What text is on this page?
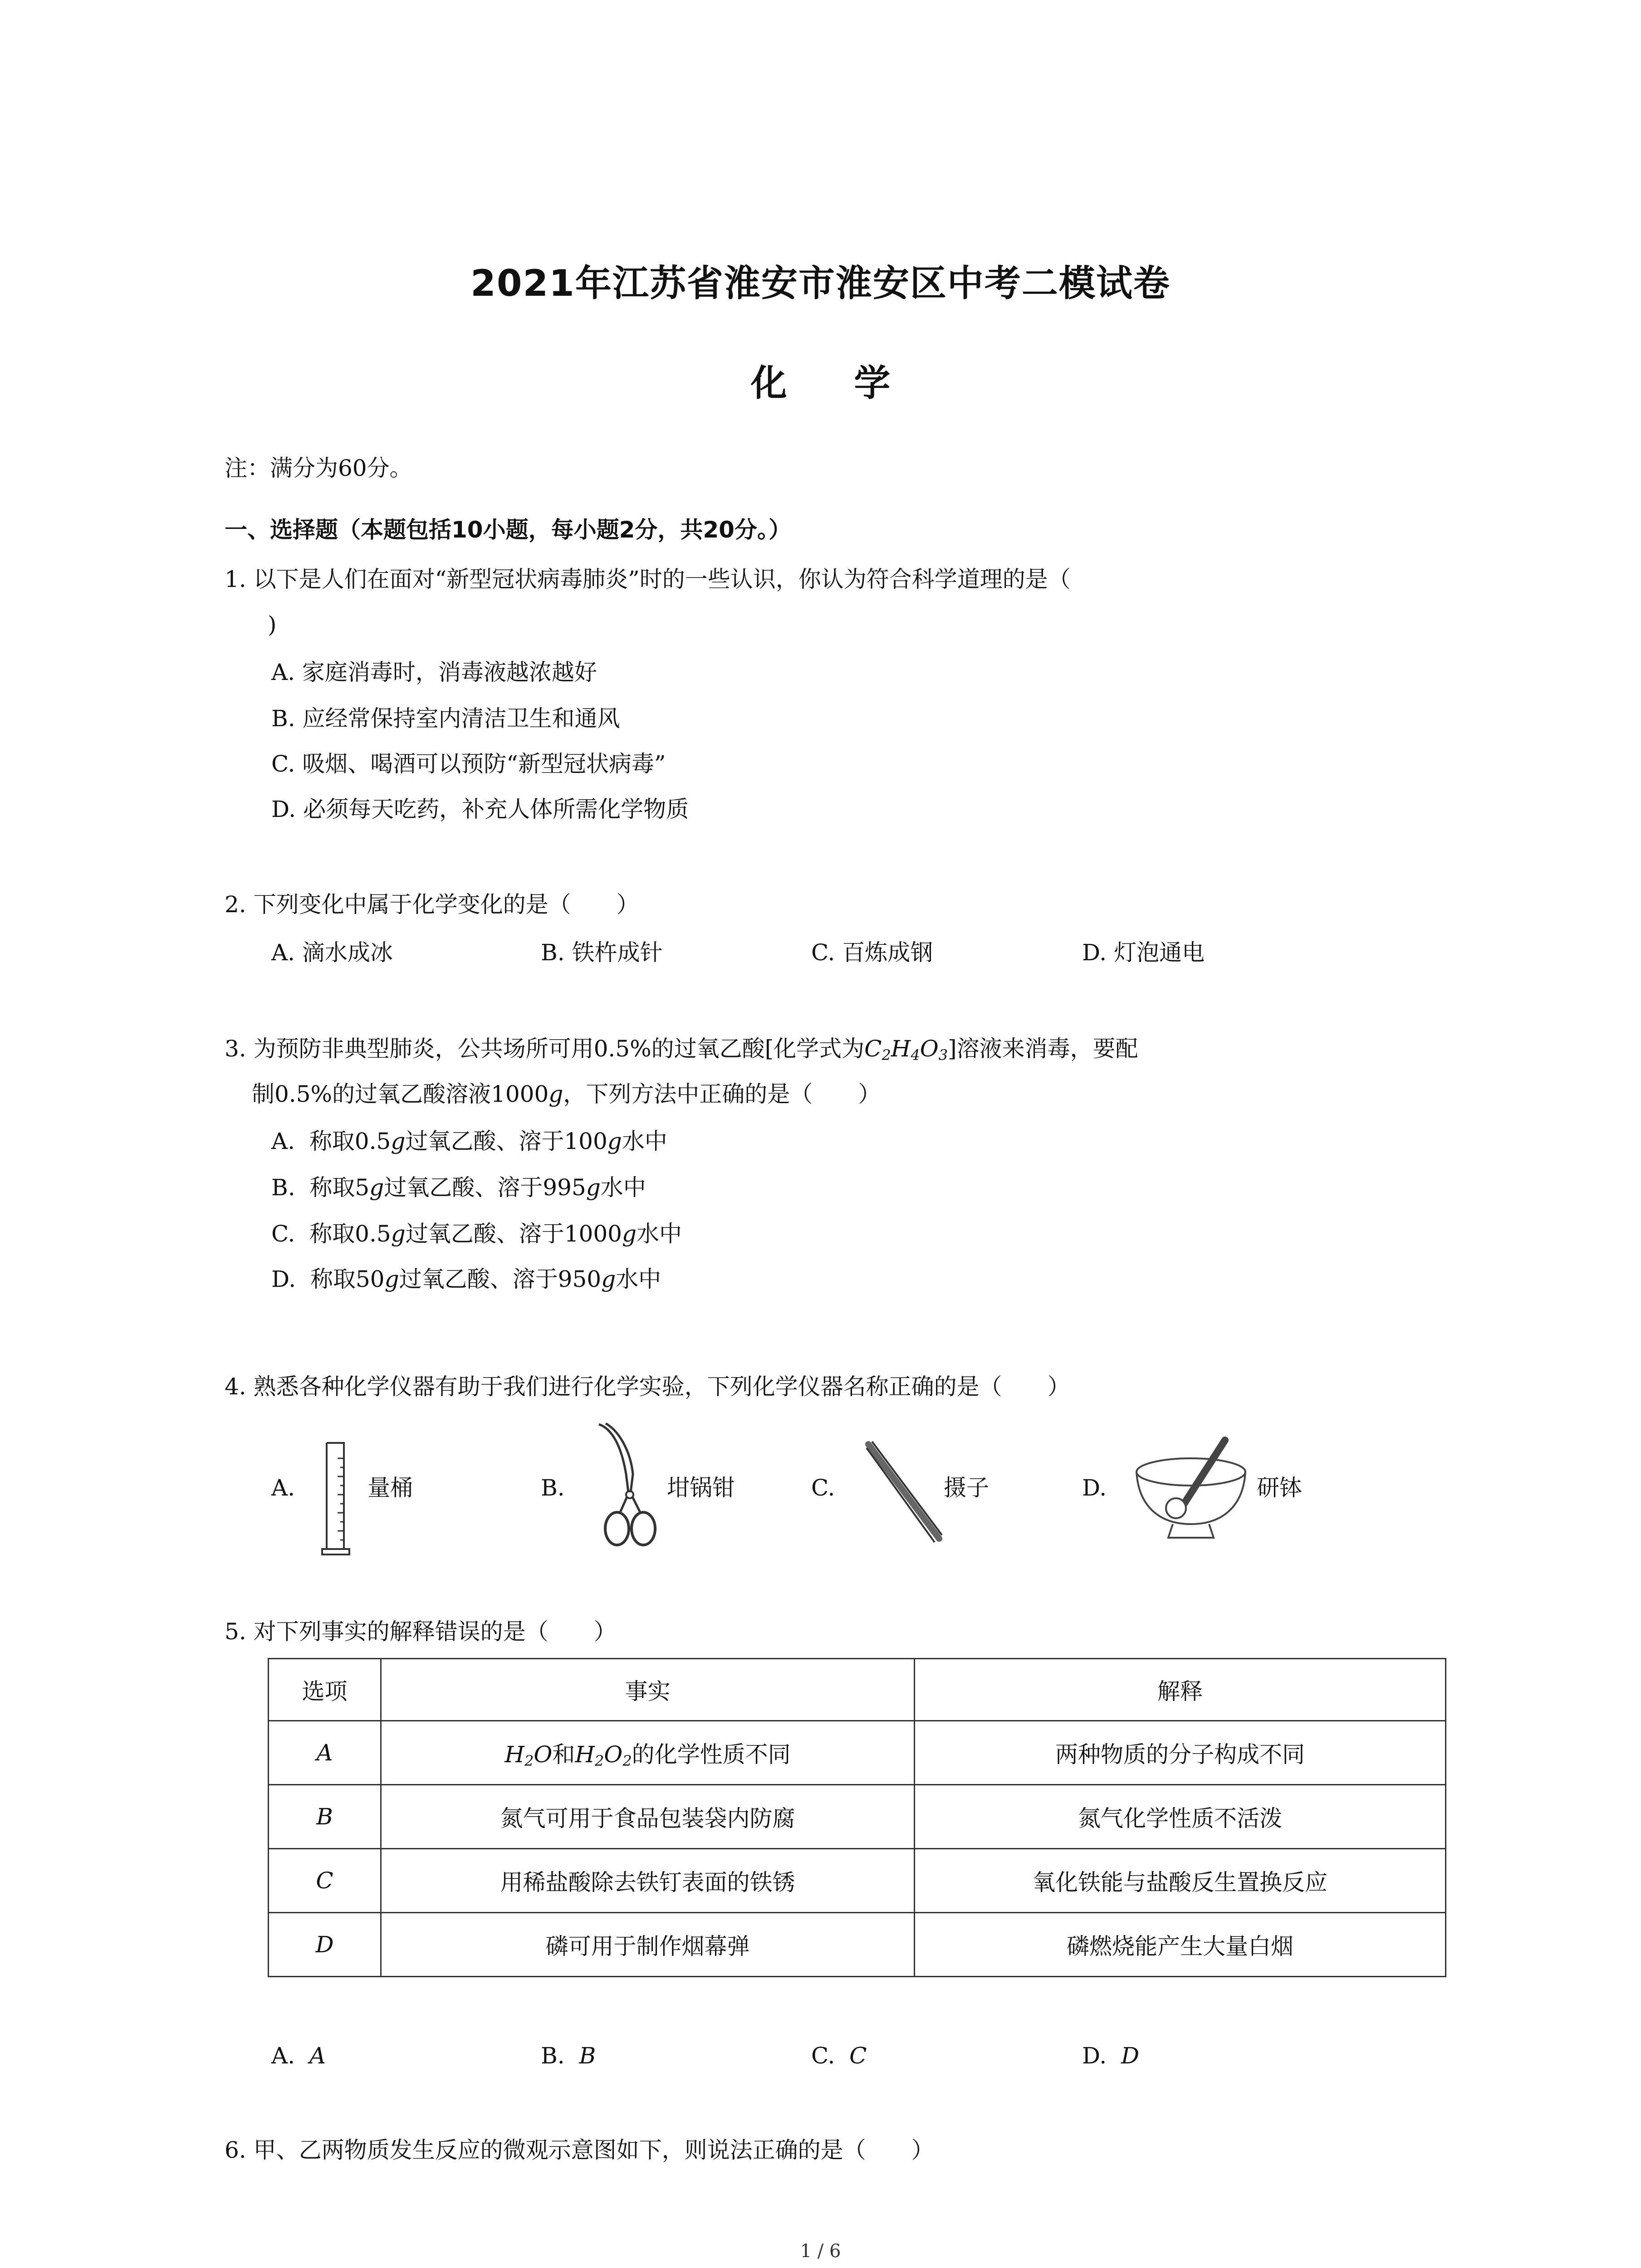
2021年江苏省淮安市淮安区中考二模试卷
化 学
注：满分为60分。
一、选择题（本题包括10小题，每小题2分，共20分。）
1. 以下是人们在面对“新型冠状病毒肺炎”时的一些认识，你认为符合科学道理的是（
)
A. 家庭消毒时，消毒液越浓越好
B. 应经常保持室内清洁卫生和通风
C. 吸烟、喝酒可以预防“新型冠状病毒”
D. 必须每天吃药，补充人体所需化学物质
2. 下列变化中属于化学变化的是（　　）
A. 滴水成冰	B. 铁杵成针	C. 百炼成钢	D. 灯泡通电
3. 为预防非典型肺炎，公共场所可用0.5%的过氧乙酸[化学式为$C_2H_4O_3$]溶液来消毒，要配
制0.5%的过氧乙酸溶液1000g，下列方法中正确的是（　　）
A. 称取0.5g过氧乙酸、溶于100g水中
B. 称取5g过氧乙酸、溶于995g水中
C. 称取0.5g过氧乙酸、溶于1000g水中
D. 称取50g过氧乙酸、溶于950g水中
4. 熟悉各种化学仪器有助于我们进行化学实验，下列化学仪器名称正确的是（　　）
A.	量桶	B.	坩锅钳	C.	摄子	D.	研钵
5. 对下列事实的解释错误的是（　　）
选项	事实	解释
A	$H_2O$和$H_2O_2$的化学性质不同	两种物质的分子构成不同
B	氮气可用于食品包装袋内防腐	氮气化学性质不活泼
C	用稀盐酸除去铁钉表面的铁锈	氧化铁能与盐酸反生置换反应
D	磷可用于制作烟幕弹	磷燃烧能产生大量白烟
A. A	B. B	C. C	D. D
6. 甲、乙两物质发生反应的微观示意图如下，则说法正确的是（　　）
1 / 6
